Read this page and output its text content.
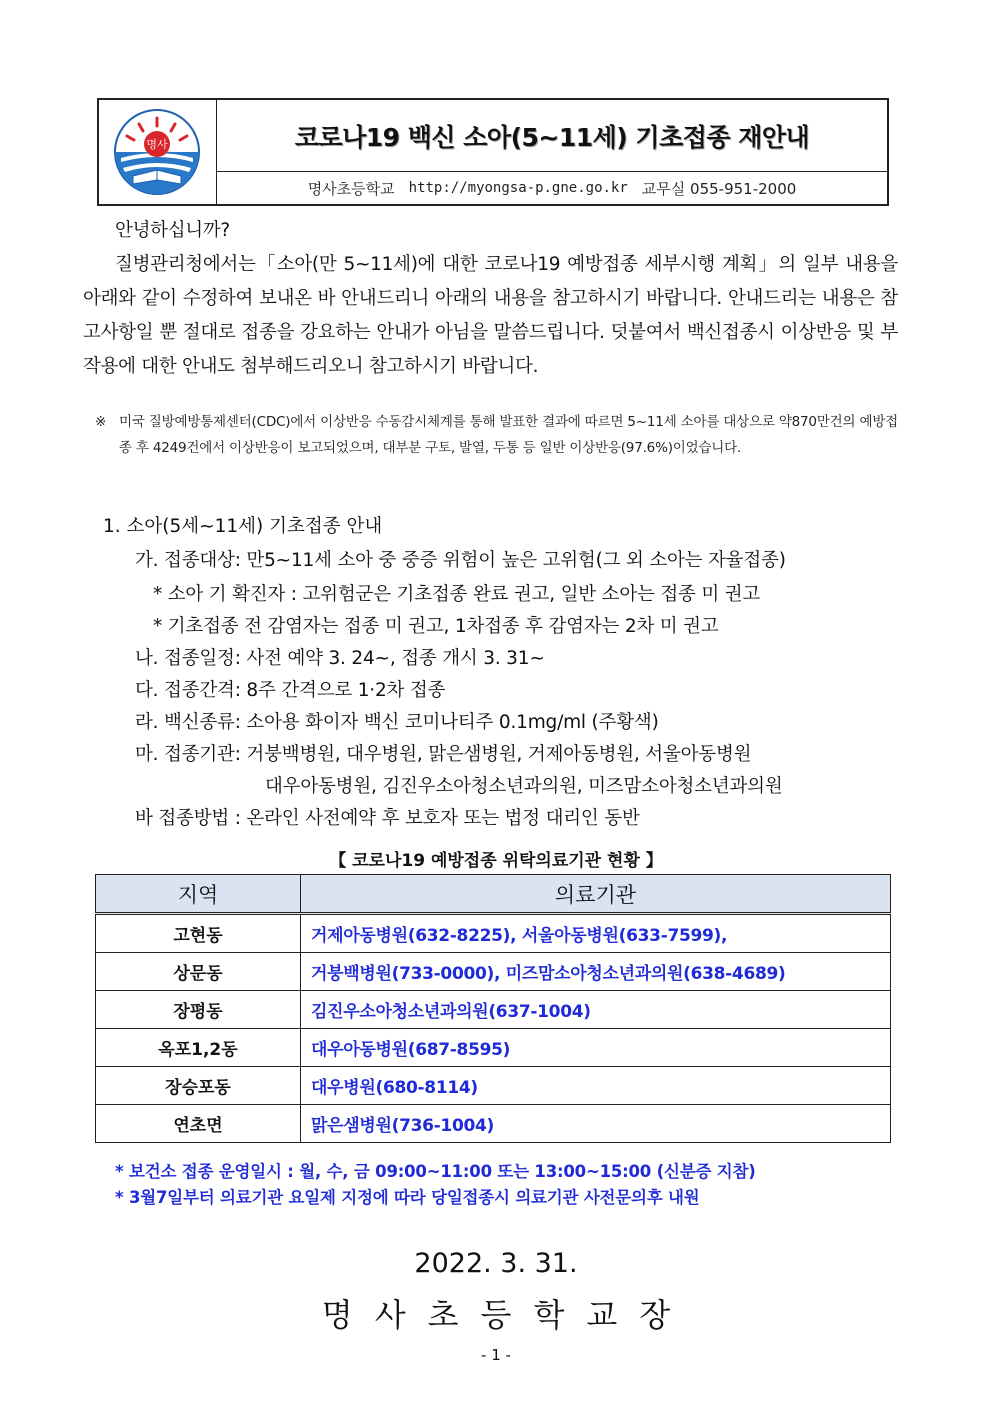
명사	코로나19 백신 소아(5~11세) 기초접종 재안내
명사초등학교 http://myongsa-p.gne.go.kr 교무실 055-951-2000

안녕하십니까?

질병관리청에서는「소아(만 5~11세)에 대한 코로나19 예방접종 세부시행 계획」의 일부 내용을 아래와 같이 수정하여 보내온 바 안내드리니 아래의 내용을 참고하시기 바랍니다. 안내드리는 내용은 참고사항일 뿐 절대로 접종을 강요하는 안내가 아님을 말씀드립니다. 덧붙여서 백신접종시 이상반응 및 부작용에 대한 안내도 첨부해드리오니 참고하시기 바랍니다.

※ 미국 질방예방통제센터(CDC)에서 이상반응 수동감시체계를 통해 발표한 결과에 따르면 5~11세 소아를 대상으로 약870만건의 예방접종 후 4249건에서 이상반응이 보고되었으며, 대부분 구토, 발열, 두통 등 일반 이상반응(97.6%)이었습니다.
1. 소아(5세~11세) 기초접종 안내
가. 접종대상: 만5~11세 소아 중 중증 위험이 높은 고위험(그 외 소아는 자율접종)
* 소아 기 확진자 : 고위험군은 기초접종 완료 권고, 일반 소아는 접종 미 권고
* 기초접종 전 감염자는 접종 미 권고, 1차접종 후 감염자는 2차 미 권고
나. 접종일정: 사전 예약 3. 24~, 접종 개시 3. 31~
다. 접종간격: 8주 간격으로 1·2차 접종
라. 백신종류: 소아용 화이자 백신 코미나티주 0.1mg/ml (주황색)
마. 접종기관: 거붕백병원, 대우병원, 맑은샘병원, 거제아동병원, 서울아동병원
대우아동병원, 김진우소아청소년과의원, 미즈맘소아청소년과의원
바 접종방법 : 온라인 사전예약 후 보호자 또는 법정 대리인 동반
【 코로나19 예방접종 위탁의료기관 현황 】
지역	의료기관
고현동	거제아동병원(632-8225), 서울아동병원(633-7599),
상문동	거붕백병원(733-0000), 미즈맘소아청소년과의원(638-4689)
장평동	김진우소아청소년과의원(637-1004)
옥포1,2동	대우아동병원(687-8595)
장승포동	대우병원(680-8114)
연초면	맑은샘병원(736-1004)
* 보건소 접종 운영일시 : 월, 수, 금 09:00~11:00 또는 13:00~15:00 (신분증 지참)
* 3월7일부터 의료기관 요일제 지정에 따라 당일접종시 의료기관 사전문의후 내원
2022. 3. 31.
명사초등학교장
- 1 -
